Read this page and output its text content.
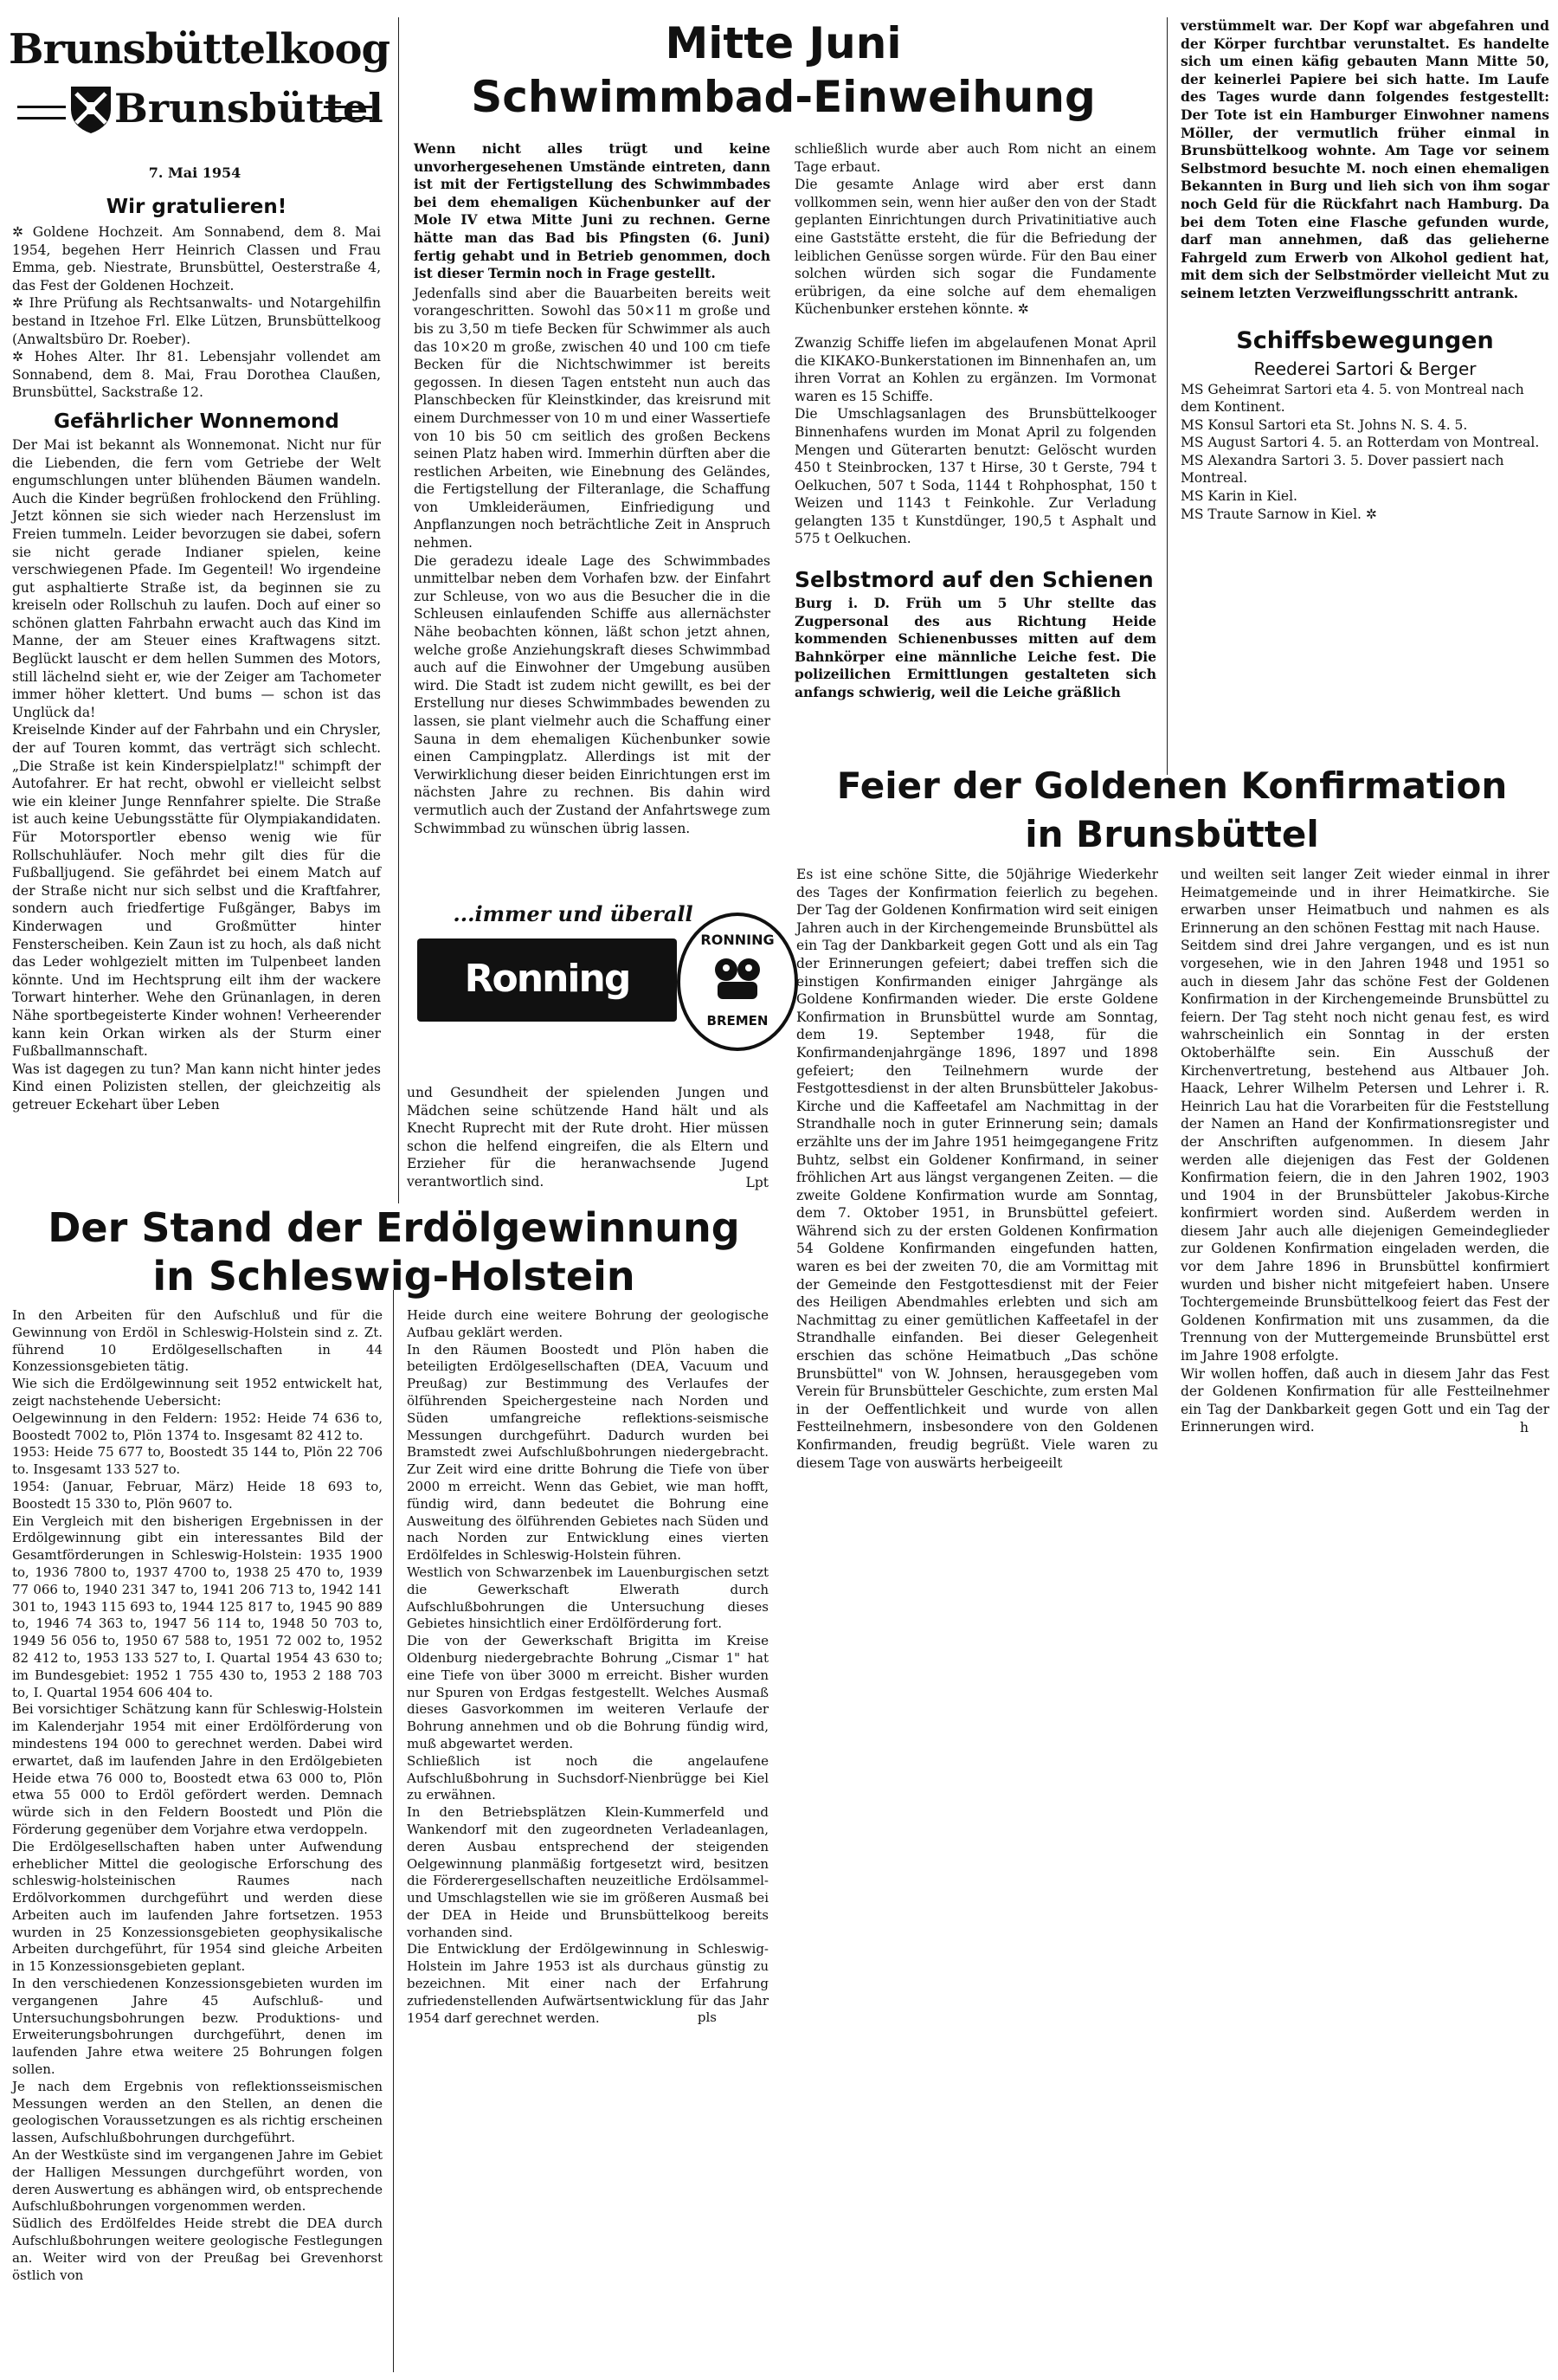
Brunsbüttelkoog
Brunsbüttel
7. Mai 1954
Wir gratulieren!

✲ Goldene Hochzeit. Am Sonnabend, dem 8. Mai 1954, begehen Herr Heinrich Classen und Frau Emma, geb. Niestrate, Brunsbüttel, Oesterstraße 4, das Fest der Goldenen Hochzeit.
✲ Ihre Prüfung als Rechtsanwalts- und Notargehilfin bestand in Itzehoe Frl. Elke Lützen, Brunsbüttelkoog (Anwaltsbüro Dr. Roeber).
✲ Hohes Alter. Ihr 81. Lebensjahr vollendet am Sonnabend, dem 8. Mai, Frau Dorothea Claußen, Brunsbüttel, Sackstraße 12.

Gefährlicher Wonnemond

Der Mai ist bekannt als Wonnemonat. Nicht nur für die Liebenden, die fern vom Getriebe der Welt engumschlungen unter blühenden Bäumen wandeln. Auch die Kinder begrüßen frohlockend den Frühling. Jetzt können sie sich wieder nach Herzenslust im Freien tummeln. Leider bevorzugen sie dabei, sofern sie nicht gerade Indianer spielen, keine verschwiegenen Pfade. Im Gegenteil! Wo irgendeine gut asphaltierte Straße ist, da beginnen sie zu kreiseln oder Rollschuh zu laufen. Doch auf einer so schönen glatten Fahrbahn erwacht auch das Kind im Manne, der am Steuer eines Kraftwagens sitzt. Beglückt lauscht er dem hellen Summen des Motors, still lächelnd sieht er, wie der Zeiger am Tachometer immer höher klettert. Und bums — schon ist das Unglück da!
Kreiselnde Kinder auf der Fahrbahn und ein Chrysler, der auf Touren kommt, das verträgt sich schlecht. „Die Straße ist kein Kinderspielplatz!" schimpft der Autofahrer. Er hat recht, obwohl er vielleicht selbst wie ein kleiner Junge Rennfahrer spielte. Die Straße ist auch keine Uebungsstätte für Olympiakandidaten. Für Motorsportler ebenso wenig wie für Rollschuhläufer. Noch mehr gilt dies für die Fußballjugend. Sie gefährdet bei einem Match auf der Straße nicht nur sich selbst und die Kraftfahrer, sondern auch friedfertige Fußgänger, Babys im Kinderwagen und Großmütter hinter Fensterscheiben. Kein Zaun ist zu hoch, als daß nicht das Leder wohlgezielt mitten im Tulpenbeet landen könnte. Und im Hechtsprung eilt ihm der wackere Torwart hinterher. Wehe den Grünanlagen, in deren Nähe sportbegeisterte Kinder wohnen! Verheerender kann kein Orkan wirken als der Sturm einer Fußballmannschaft.
Was ist dagegen zu tun? Man kann nicht hinter jedes Kind einen Polizisten stellen, der gleichzeitig als getreuer Eckehart über Leben

Mitte Juni
Schwimmbad-Einweihung

Wenn nicht alles trügt und keine unvorhergesehenen Umstände eintreten, dann ist mit der Fertigstellung des Schwimmbades bei dem ehemaligen Küchenbunker auf der Mole IV etwa Mitte Juni zu rechnen. Gerne hätte man das Bad bis Pfingsten (6. Juni) fertig gehabt und in Betrieb genommen, doch ist dieser Termin noch in Frage gestellt.

Jedenfalls sind aber die Bauarbeiten bereits weit vorangeschritten. Sowohl das 50×11 m große und bis zu 3,50 m tiefe Becken für Schwimmer als auch das 10×20 m große, zwischen 40 und 100 cm tiefe Becken für die Nichtschwimmer ist bereits gegossen. In diesen Tagen entsteht nun auch das Planschbecken für Kleinstkinder, das kreisrund mit einem Durchmesser von 10 m und einer Wassertiefe von 10 bis 50 cm seitlich des großen Beckens seinen Platz haben wird. Immerhin dürften aber die restlichen Arbeiten, wie Einebnung des Geländes, die Fertigstellung der Filteranlage, die Schaffung von Umkleideräumen, Einfriedigung und Anpflanzungen noch beträchtliche Zeit in Anspruch nehmen.
Die geradezu ideale Lage des Schwimmbades unmittelbar neben dem Vorhafen bzw. der Einfahrt zur Schleuse, von wo aus die Besucher die in die Schleusen einlaufenden Schiffe aus allernächster Nähe beobachten können, läßt schon jetzt ahnen, welche große Anziehungskraft dieses Schwimmbad auch auf die Einwohner der Umgebung ausüben wird. Die Stadt ist zudem nicht gewillt, es bei der Erstellung nur dieses Schwimmbades bewenden zu lassen, sie plant vielmehr auch die Schaffung einer Sauna in dem ehemaligen Küchenbunker sowie einen Campingplatz. Allerdings ist mit der Verwirklichung dieser beiden Einrichtungen erst im nächsten Jahre zu rechnen. Bis dahin wird vermutlich auch der Zustand der Anfahrtswege zum Schwimmbad zu wünschen übrig lassen.

schließlich wurde aber auch Rom nicht an einem Tage erbaut.
Die gesamte Anlage wird aber erst dann vollkommen sein, wenn hier außer den von der Stadt geplanten Einrichtungen durch Privatinitiative auch eine Gaststätte ersteht, die für die Befriedung der leiblichen Genüsse sorgen würde. Für den Bau einer solchen würden sich sogar die Fundamente erübrigen, da eine solche auf dem ehemaligen Küchenbunker erstehen könnte. ✲

Zwanzig Schiffe liefen im abgelaufenen Monat April die KIKAKO-Bunkerstationen im Binnenhafen an, um ihren Vorrat an Kohlen zu ergänzen. Im Vormonat waren es 15 Schiffe.
Die Umschlagsanlagen des Brunsbüttelkooger Binnenhafens wurden im Monat April zu folgenden Mengen und Güterarten benutzt: Gelöscht wurden 450 t Steinbrocken, 137 t Hirse, 30 t Gerste, 794 t Oelkuchen, 507 t Soda, 1144 t Rohphosphat, 150 t Weizen und 1143 t Feinkohle. Zur Verladung gelangten 135 t Kunstdünger, 190,5 t Asphalt und 575 t Oelkuchen.

Selbstmord auf den Schienen

Burg i. D. Früh um 5 Uhr stellte das Zugpersonal des aus Richtung Heide kommenden Schienenbusses mitten auf dem Bahnkörper eine männliche Leiche fest. Die polizeilichen Ermittlungen gestalteten sich anfangs schwierig, weil die Leiche gräßlich

verstümmelt war. Der Kopf war abgefahren und der Körper furchtbar verunstaltet. Es handelte sich um einen käfig gebauten Mann Mitte 50, der keinerlei Papiere bei sich hatte. Im Laufe des Tages wurde dann folgendes festgestellt: Der Tote ist ein Hamburger Einwohner namens Möller, der vermutlich früher einmal in Brunsbüttelkoog wohnte. Am Tage vor seinem Selbstmord besuchte M. noch einen ehemaligen Bekannten in Burg und lieh sich von ihm sogar noch Geld für die Rückfahrt nach Hamburg. Da bei dem Toten eine Flasche gefunden wurde, darf man annehmen, daß das gelieherne Fahrgeld zum Erwerb von Alkohol gedient hat, mit dem sich der Selbstmörder vielleicht Mut zu seinem letzten Verzweiflungsschritt antrank.

Schiffsbewegungen
Reederei Sartori & Berger

MS Geheimrat Sartori eta 4. 5. von Montreal nach dem Kontinent.

MS Konsul Sartori eta St. Johns N. S. 4. 5.

MS August Sartori 4. 5. an Rotterdam von Montreal.

MS Alexandra Sartori 3. 5. Dover passiert nach Montreal.

MS Karin in Kiel.

MS Traute Sarnow in Kiel. ✲

...immer und überall
Ronning Kaffee
RONNING
BREMEN

und Gesundheit der spielenden Jungen und Mädchen seine schützende Hand hält und als Knecht Ruprecht mit der Rute droht. Hier müssen schon die helfend eingreifen, die als Eltern und Erzieher für die heranwachsende Jugend verantwortlich sind.	Lpt

Feier der Goldenen Konfirmation
in Brunsbüttel

Es ist eine schöne Sitte, die 50jährige Wiederkehr des Tages der Konfirmation feierlich zu begehen. Der Tag der Goldenen Konfirmation wird seit einigen Jahren auch in der Kirchengemeinde Brunsbüttel als ein Tag der Dankbarkeit gegen Gott und als ein Tag der Erinnerungen gefeiert; dabei treffen sich die einstigen Konfirmanden einiger Jahrgänge als Goldene Konfirmanden wieder. Die erste Goldene Konfirmation in Brunsbüttel wurde am Sonntag, dem 19. September 1948, für die Konfirmandenjahrgänge 1896, 1897 und 1898 gefeiert; den Teilnehmern wurde der Festgottesdienst in der alten Brunsbütteler Jakobus-Kirche und die Kaffeetafel am Nachmittag in der Strandhalle noch in guter Erinnerung sein; damals erzählte uns der im Jahre 1951 heimgegangene Fritz Buhtz, selbst ein Goldener Konfirmand, in seiner fröhlichen Art aus längst vergangenen Zeiten. — die zweite Goldene Konfirmation wurde am Sonntag, dem 7. Oktober 1951, in Brunsbüttel gefeiert. Während sich zu der ersten Goldenen Konfirmation 54 Goldene Konfirmanden eingefunden hatten, waren es bei der zweiten 70, die am Vormittag mit der Gemeinde den Festgottesdienst mit der Feier des Heiligen Abendmahles erlebten und sich am Nachmittag zu einer gemütlichen Kaffeetafel in der Strandhalle einfanden. Bei dieser Gelegenheit erschien das schöne Heimatbuch „Das schöne Brunsbüttel" von W. Johnsen, herausgegeben vom Verein für Brunsbütteler Geschichte, zum ersten Mal in der Oeffentlichkeit und wurde von allen Festteilnehmern, insbesondere von den Goldenen Konfirmanden, freudig begrüßt. Viele waren zu diesem Tage von auswärts herbeigeeilt

und weilten seit langer Zeit wieder einmal in ihrer Heimatgemeinde und in ihrer Heimatkirche. Sie erwarben unser Heimatbuch und nahmen es als Erinnerung an den schönen Festtag mit nach Hause.
Seitdem sind drei Jahre vergangen, und es ist nun vorgesehen, wie in den Jahren 1948 und 1951 so auch in diesem Jahr das schöne Fest der Goldenen Konfirmation in der Kirchengemeinde Brunsbüttel zu feiern. Der Tag steht noch nicht genau fest, es wird wahrscheinlich ein Sonntag in der ersten Oktoberhälfte sein. Ein Ausschuß der Kirchenvertretung, bestehend aus Altbauer Joh. Haack, Lehrer Wilhelm Petersen und Lehrer i. R. Heinrich Lau hat die Vorarbeiten für die Feststellung der Namen an Hand der Konfirmationsregister und der Anschriften aufgenommen. In diesem Jahr werden alle diejenigen das Fest der Goldenen Konfirmation feiern, die in den Jahren 1902, 1903 und 1904 in der Brunsbütteler Jakobus-Kirche konfirmiert worden sind. Außerdem werden in diesem Jahr auch alle diejenigen Gemeindeglieder zur Goldenen Konfirmation eingeladen werden, die vor dem Jahre 1896 in Brunsbüttel konfirmiert wurden und bisher nicht mitgefeiert haben. Unsere Tochtergemeinde Brunsbüttelkoog feiert das Fest der Goldenen Konfirmation mit uns zusammen, da die Trennung von der Muttergemeinde Brunsbüttel erst im Jahre 1908 erfolgte.
Wir wollen hoffen, daß auch in diesem Jahr das Fest der Goldenen Konfirmation für alle Festteilnehmer ein Tag der Dankbarkeit gegen Gott und ein Tag der Erinnerungen wird.	h

Der Stand der Erdölgewinnung
in Schleswig-Holstein

In den Arbeiten für den Aufschluß und für die Gewinnung von Erdöl in Schleswig-Holstein sind z. Zt. führend 10 Erdölgesellschaften in 44 Konzessionsgebieten tätig.
Wie sich die Erdölgewinnung seit 1952 entwickelt hat, zeigt nachstehende Uebersicht:
Oelgewinnung in den Feldern: 1952: Heide 74 636 to, Boostedt 7002 to, Plön 1374 to. Insgesamt 82 412 to.
1953: Heide 75 677 to, Boostedt 35 144 to, Plön 22 706 to. Insgesamt 133 527 to.
1954: (Januar, Februar, März) Heide 18 693 to, Boostedt 15 330 to, Plön 9607 to.
Ein Vergleich mit den bisherigen Ergebnissen in der Erdölgewinnung gibt ein interessantes Bild der Gesamtförderungen in Schleswig-Holstein: 1935 1900 to, 1936 7800 to, 1937 4700 to, 1938 25 470 to, 1939 77 066 to, 1940 231 347 to, 1941 206 713 to, 1942 141 301 to, 1943 115 693 to, 1944 125 817 to, 1945 90 889 to, 1946 74 363 to, 1947 56 114 to, 1948 50 703 to, 1949 56 056 to, 1950 67 588 to, 1951 72 002 to, 1952 82 412 to, 1953 133 527 to, I. Quartal 1954 43 630 to; im Bundesgebiet: 1952 1 755 430 to, 1953 2 188 703 to, I. Quartal 1954 606 404 to.
Bei vorsichtiger Schätzung kann für Schleswig-Holstein im Kalenderjahr 1954 mit einer Erdölförderung von mindestens 194 000 to gerechnet werden. Dabei wird erwartet, daß im laufenden Jahre in den Erdölgebieten Heide etwa 76 000 to, Boostedt etwa 63 000 to, Plön etwa 55 000 to Erdöl gefördert werden. Demnach würde sich in den Feldern Boostedt und Plön die Förderung gegenüber dem Vorjahre etwa verdoppeln.
Die Erdölgesellschaften haben unter Aufwendung erheblicher Mittel die geologische Erforschung des schleswig-holsteinischen Raumes nach Erdölvorkommen durchgeführt und werden diese Arbeiten auch im laufenden Jahre fortsetzen. 1953 wurden in 25 Konzessionsgebieten geophysikalische Arbeiten durchgeführt, für 1954 sind gleiche Arbeiten in 15 Konzessionsgebieten geplant.
In den verschiedenen Konzessionsgebieten wurden im vergangenen Jahre 45 Aufschluß- und Untersuchungsbohrungen bezw. Produktions- und Erweiterungsbohrungen durchgeführt, denen im laufenden Jahre etwa weitere 25 Bohrungen folgen sollen.
Je nach dem Ergebnis von reflektionsseismischen Messungen werden an den Stellen, an denen die geologischen Voraussetzungen es als richtig erscheinen lassen, Aufschlußbohrungen durchgeführt.
An der Westküste sind im vergangenen Jahre im Gebiet der Halligen Messungen durchgeführt worden, von deren Auswertung es abhängen wird, ob entsprechende Aufschlußbohrungen vorgenommen werden.
Südlich des Erdölfeldes Heide strebt die DEA durch Aufschlußbohrungen weitere geologische Festlegungen an. Weiter wird von der Preußag bei Grevenhorst östlich von

Heide durch eine weitere Bohrung der geologische Aufbau geklärt werden.
In den Räumen Boostedt und Plön haben die beteiligten Erdölgesellschaften (DEA, Vacuum und Preußag) zur Bestimmung des Verlaufes der ölführenden Speichergesteine nach Norden und Süden umfangreiche reflektions-seismische Messungen durchgeführt. Dadurch wurden bei Bramstedt zwei Aufschlußbohrungen niedergebracht. Zur Zeit wird eine dritte Bohrung die Tiefe von über 2000 m erreicht. Wenn das Gebiet, wie man hofft, fündig wird, dann bedeutet die Bohrung eine Ausweitung des ölführenden Gebietes nach Süden und nach Norden zur Entwicklung eines vierten Erdölfeldes in Schleswig-Holstein führen.
Westlich von Schwarzenbek im Lauenburgischen setzt die Gewerkschaft Elwerath durch Aufschlußbohrungen die Untersuchung dieses Gebietes hinsichtlich einer Erdölförderung fort.
Die von der Gewerkschaft Brigitta im Kreise Oldenburg niedergebrachte Bohrung „Cismar 1" hat eine Tiefe von über 3000 m erreicht. Bisher wurden nur Spuren von Erdgas festgestellt. Welches Ausmaß dieses Gasvorkommen im weiteren Verlaufe der Bohrung annehmen und ob die Bohrung fündig wird, muß abgewartet werden.
Schließlich ist noch die angelaufene Aufschlußbohrung in Suchsdorf-Nienbrügge bei Kiel zu erwähnen.
In den Betriebsplätzen Klein-Kummerfeld und Wankendorf mit den zugeordneten Verladeanlagen, deren Ausbau entsprechend der steigenden Oelgewinnung planmäßig fortgesetzt wird, besitzen die Förderergesellschaften neuzeitliche Erdölsammel- und Umschlagstellen wie sie im größeren Ausmaß bei der DEA in Heide und Brunsbüttelkoog bereits vorhanden sind.
Die Entwicklung der Erdölgewinnung in Schleswig-Holstein im Jahre 1953 ist als durchaus günstig zu bezeichnen. Mit einer nach der Erfahrung zufriedenstellenden Aufwärtsentwicklung für das Jahr 1954 darf gerechnet werden.	pls
